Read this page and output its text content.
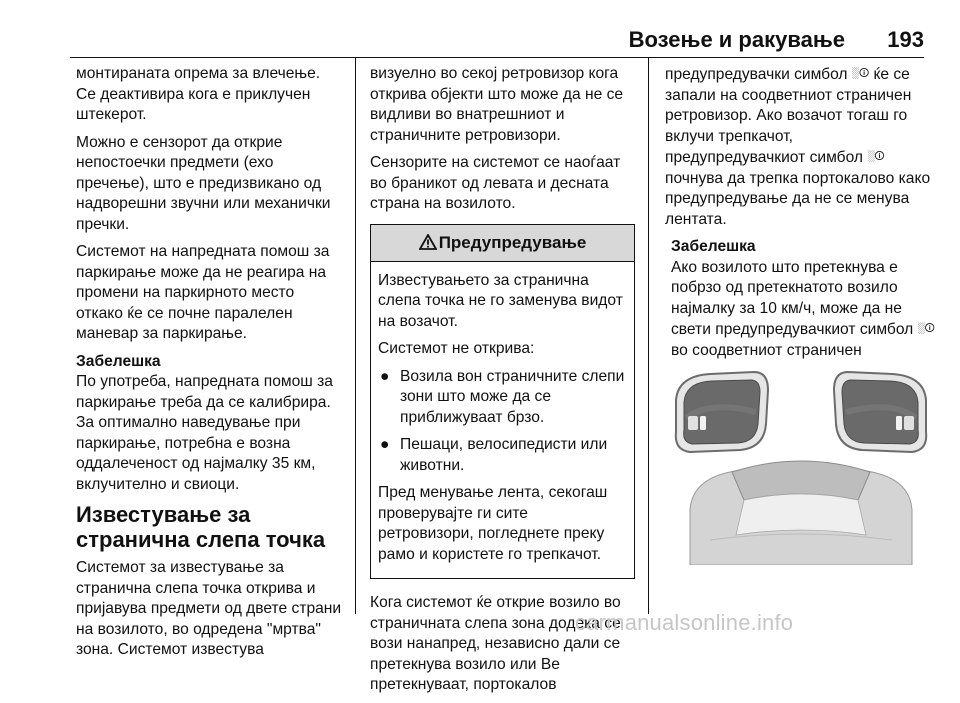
Возење и ракување 193

монтираната опрема за влечење. Се деактивира кога е приклучен штекерот.

Можно е сензорот да открие непостоечки предмети (ехо пречење), што е предизвикано од надворешни звучни или механички пречки.

Системот на напредната помош за паркирање може да не реагира на промени на паркирното место откако ќе се почне паралелен маневар за паркирање.

Забелешка

По употреба, напредната помош за паркирање треба да се калибрира. За оптимално наведување при паркирање, потребна е возна оддалеченост од најмалку 35 км, вклучително и свиоци.

Известување за странична слепа точка

Системот за известување за странична слепа точка открива и пријавува предмети од двете страни на возилото, во одредена "мртва" зона. Системот известува

визуелно во секој ретровизор кога открива објекти што може да не се видливи во внатрешниот и страничните ретровизори.

Сензорите на системот се наоѓаат во браникот од левата и десната страна на возилото.

Предупредување

Известувањето за странична слепа точка не го заменува видот на возачот.

Системот не открива:

● Возила вон страничните слепи зони што може да се приближуваат брзо.
● Пешаци, велосипедисти или животни.

Пред менување лента, секогаш проверувајте ги сите ретровизори, погледнете преку рамо и користете го трепкачот.

Кога системот ќе открие возило во страничната слепа зона додека се вози нанапред, независно дали се претекнува возило или Ве претекнуваат, портокалов

предупредувачки симбол ░🛈 ќе се запали на соодветниот страничен ретровизор. Ако возачот тогаш го вклучи трепкачот, предупредувачкиот симбол ░🛈 почнува да трепка портокалово како предупредување да не се менува лентата.

Забелешка

Ако возилото што претекнува е побрзо од претекнатото возило најмалку за 10 км/ч, може да не свети предупредувачкиот симбол ░🛈 во соодветниот страничен

carmanualsonline.info
